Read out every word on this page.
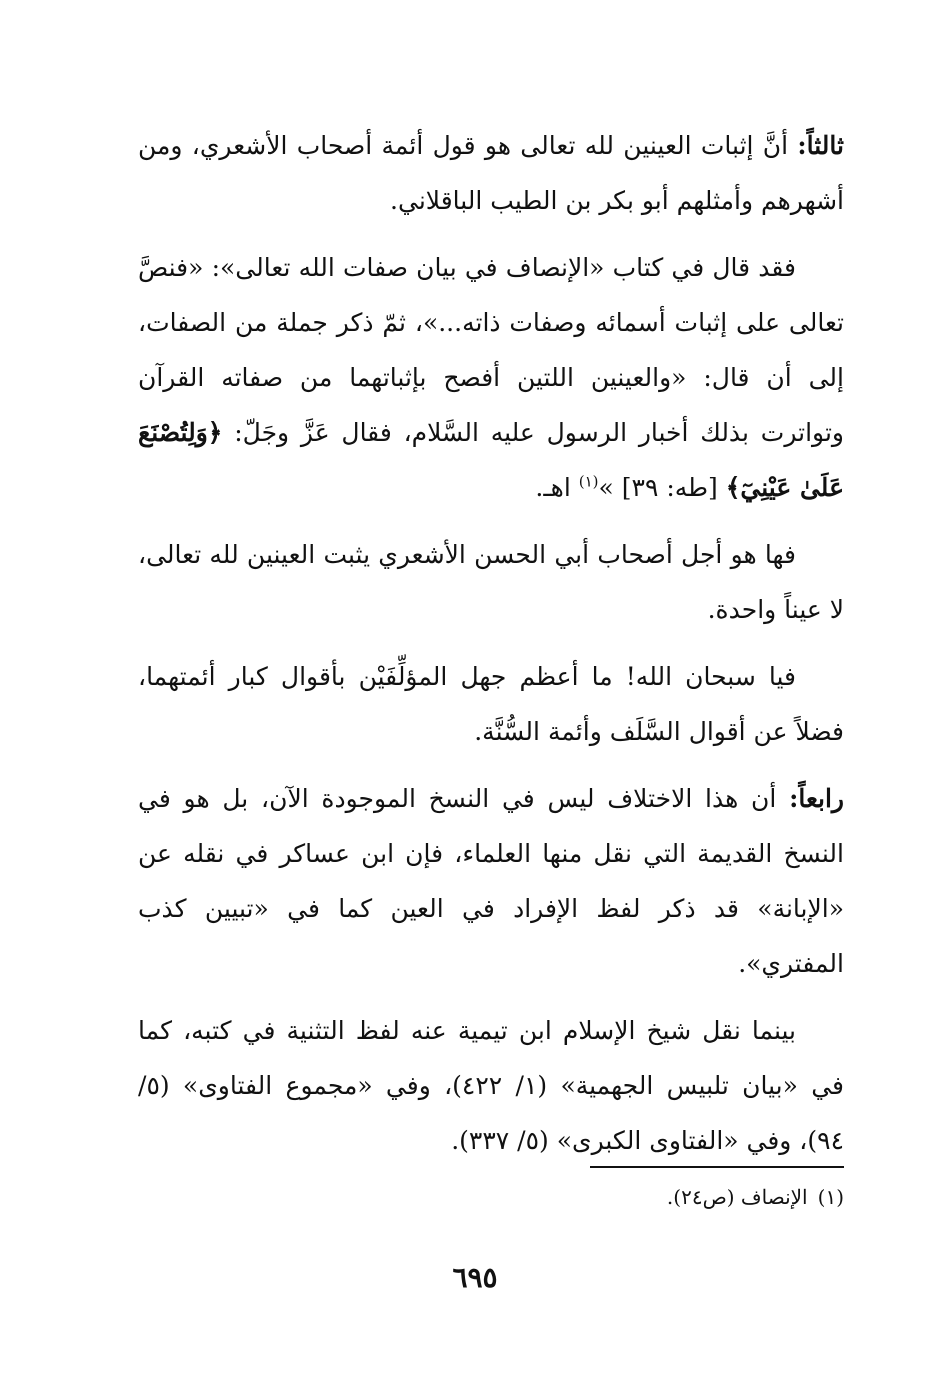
ثالثاً: أنَّ إثبات العينين لله تعالى هو قول أئمة أصحاب الأشعري، ومن أشهرهم وأمثلهم أبو بكر بن الطيب الباقلاني.

فقد قال في كتاب «الإنصاف في بيان صفات الله تعالى»: «فنصَّ تعالى على إثبات أسمائه وصفات ذاته...»، ثمّ ذكر جملة من الصفات، إلى أن قال: «والعينين اللتين أفصح بإثباتهما من صفاته القرآن وتواترت بذلك أخبار الرسول عليه السَّلام، فقال عَزَّ وجَلّ: ﴿وَلِتُصْنَعَ عَلَىٰ عَيْنِيٓ﴾ [طه: ٣٩] »$^{(١)}$ اهـ.

فها هو أجل أصحاب أبي الحسن الأشعري يثبت العينين لله تعالى، لا عيناً واحدة.

فيا سبحان الله! ما أعظم جهل المؤلِّفَيْن بأقوال كبار أئمتهما، فضلاً عن أقوال السَّلَف وأئمة السُّنَّة.

رابعاً: أن هذا الاختلاف ليس في النسخ الموجودة الآن، بل هو في النسخ القديمة التي نقل منها العلماء، فإن ابن عساكر في نقله عن «الإبانة» قد ذكر لفظ الإفراد في العين كما في «تبيين كذب المفتري».

بينما نقل شيخ الإسلام ابن تيمية عنه لفظ التثنية في كتبه، كما في «بيان تلبيس الجهمية» (١/ ٤٢٢)، وفي «مجموع الفتاوى» (٥/ ٩٤)، وفي «الفتاوى الكبرى» (٥/ ٣٣٧).

(١)الإنصاف (ص٢٤).
٦٩٥
